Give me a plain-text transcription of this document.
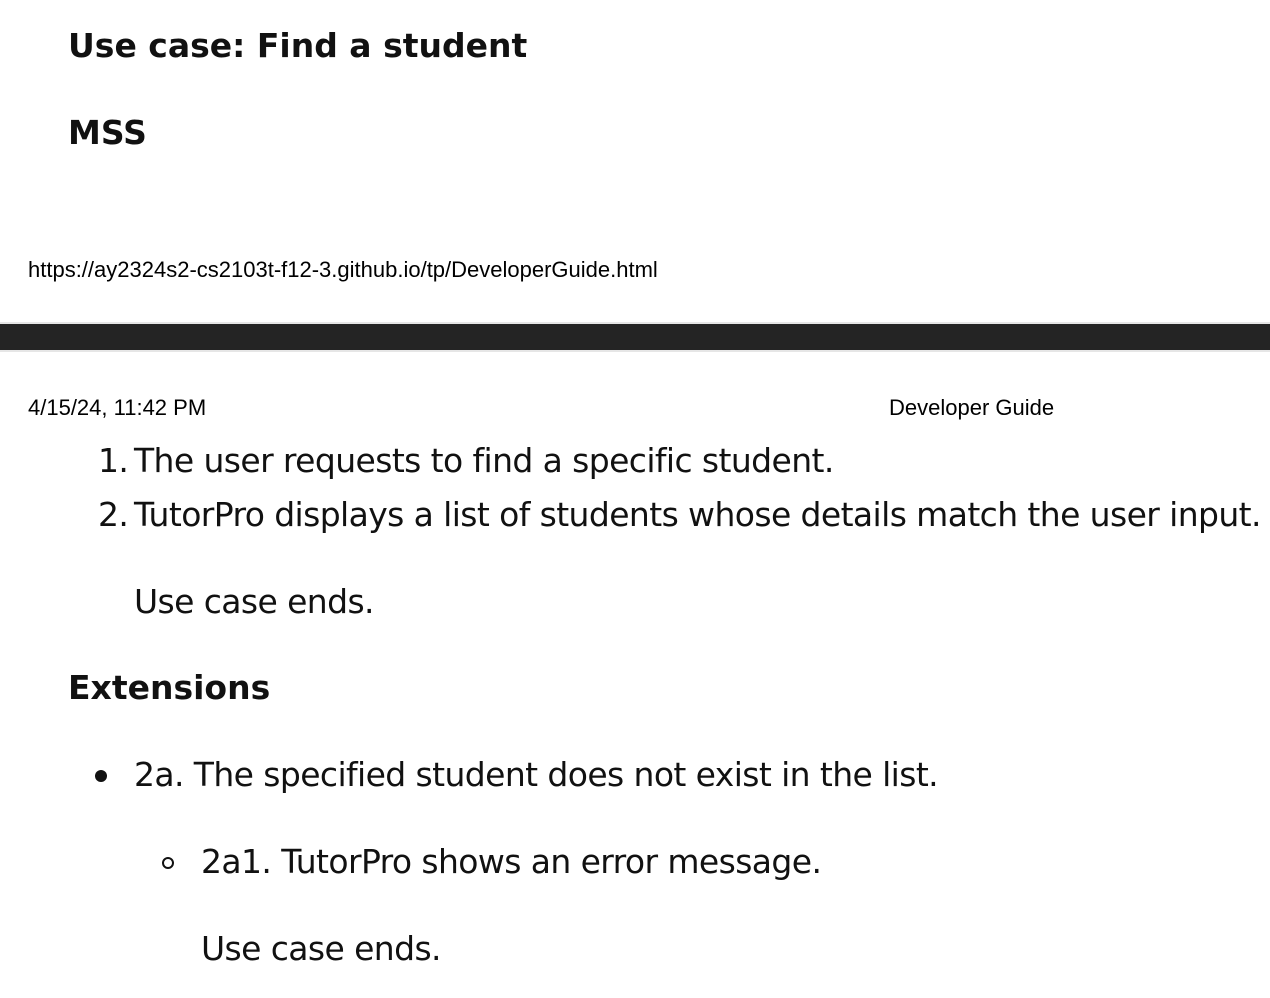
Use case: Find a student
MSS
https://ay2324s2-cs2103t-f12-3.github.io/tp/DeveloperGuide.html
4/15/24, 11:42 PM	Developer Guide
1. The user requests to find a specific student.
2. TutorPro displays a list of students whose details match the user input.
Use case ends.
Extensions
2a. The specified student does not exist in the list.
2a1. TutorPro shows an error message.
Use case ends.
